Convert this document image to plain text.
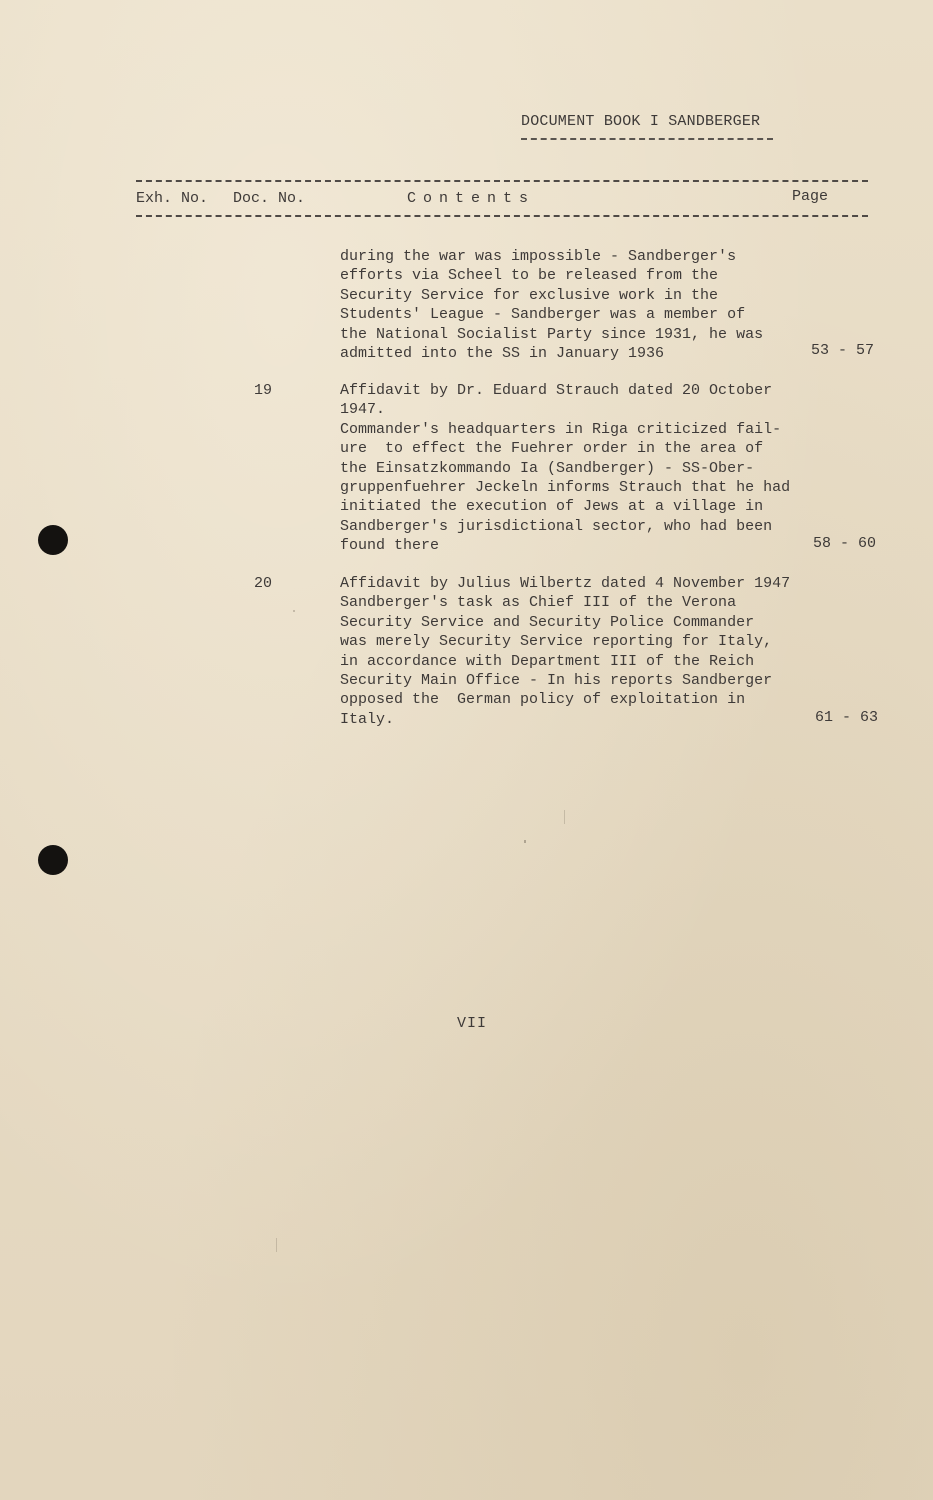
DOCUMENT BOOK I SANDBERGER
Exh. No. Doc. No.	Contents	Page
during the war was impossible - Sandberger's
efforts via Scheel to be released from the
Security Service for exclusive work in the
Students' League - Sandberger was a member of
the National Socialist Party since 1931, he was
admitted into the SS in January 1936	53 - 57
19	Affidavit by Dr. Eduard Strauch dated 20 October
1947.
Commander's headquarters in Riga criticized fail-
ure  to effect the Fuehrer order in the area of
the Einsatzkommando Ia (Sandberger) - SS-Ober-
gruppenfuehrer Jeckeln informs Strauch that he had
initiated the execution of Jews at a village in
Sandberger's jurisdictional sector, who had been
found there	58 - 60
20	Affidavit by Julius Wilbertz dated 4 November 1947
Sandberger's task as Chief III of the Verona
Security Service and Security Police Commander
was merely Security Service reporting for Italy,
in accordance with Department III of the Reich
Security Main Office - In his reports Sandberger
opposed the  German policy of exploitation in
Italy.	61 - 63
VII
